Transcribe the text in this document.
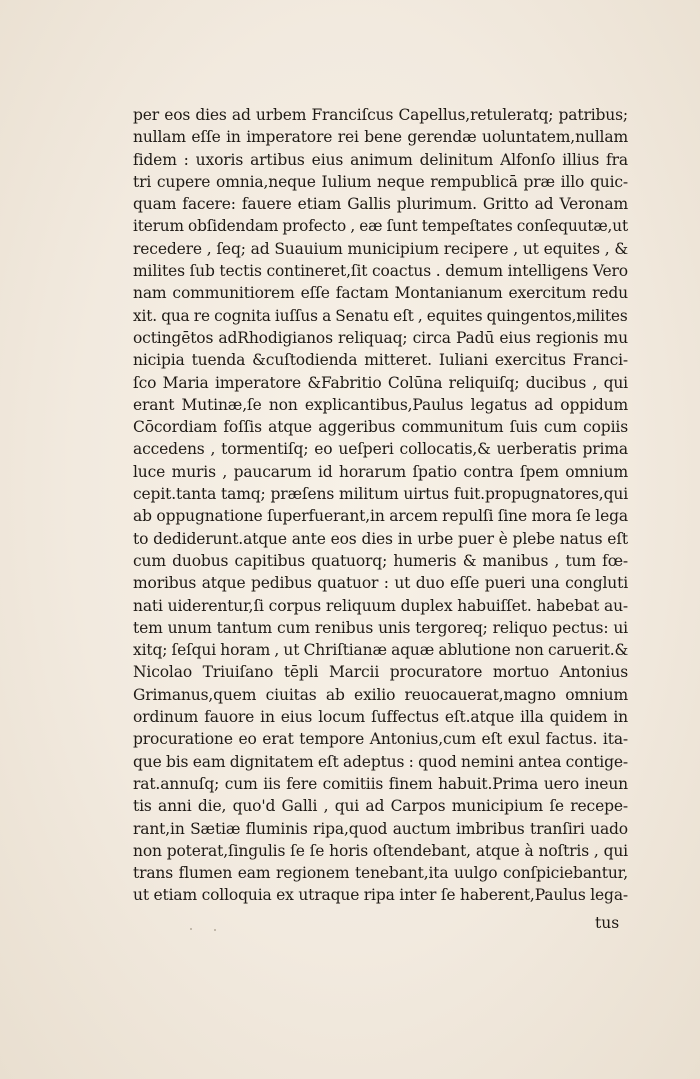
per eos dies ad urbem Franciſcus Capellus,retuleratq; patribus;
nullam eſſe in imperatore rei bene gerendæ uoluntatem,nullam
fidem : uxoris artibus eius animum delinitum Alfonſo illius fra
tri cupere omnia,neque Iulium neque rempublicā præ illo quic-
quam facere: fauere etiam Gallis plurimum. Gritto ad Veronam
iterum obſidendam profecto , eæ ſunt tempeſtates conſequutæ,ut
recedere , ſeq; ad Suauium municipium recipere , ut equites , &
milites ſub tectis contineret,ſit coactus . demum intelligens Vero
nam communitiorem eſſe factam Montanianum exercitum redu
xit. qua re cognita iuſſus a Senatu eſt , equites quingentos,milites
octingētos adRhodigianos reliquaq; circa Padū eius regionis mu
nicipia tuenda &cuſtodienda mitteret. Iuliani exercitus Franci-
ſco Maria imperatore &Fabritio Colūna reliquiſq; ducibus , qui
erant Mutinæ,ſe non explicantibus,Paulus legatus ad oppidum
Cōcordiam foſſis atque aggeribus communitum ſuis cum copiis
accedens , tormentiſq; eo ueſperi collocatis,& uerberatis prima
luce muris , paucarum id horarum ſpatio contra ſpem omnium
cepit.tanta tamq; præſens militum uirtus fuit.propugnatores,qui
ab oppugnatione ſuperfuerant,in arcem repulſi ſine mora ſe lega
to dediderunt.atque ante eos dies in urbe puer è plebe natus eſt
cum duobus capitibus quatuorq; humeris & manibus , tum fœ-
moribus atque pedibus quatuor : ut duo eſſe pueri una congluti
nati uiderentur,ſi corpus reliquum duplex habuiſſet. habebat au-
tem unum tantum cum renibus unis tergoreq; reliquo pectus: ui
xitq; ſeſqui horam , ut Chriſtianæ aquæ ablutione non caruerit.&
Nicolao Triuiſano tēpli Marcii procuratore mortuo Antonius
Grimanus,quem ciuitas ab exilio reuocauerat,magno omnium
ordinum fauore in eius locum ſuffectus eſt.atque illa quidem in
procuratione eo erat tempore Antonius,cum eſt exul factus. ita-
que bis eam dignitatem eſt adeptus : quod nemini antea contige-
rat.annuſq; cum iis fere comitiis finem habuit.Prima uero ineun
tis anni die, quo'd Galli , qui ad Carpos municipium ſe recepe-
rant,in Sætiæ fluminis ripa,quod auctum imbribus tranſiri uado
non poterat,ſingulis ſe ſe horis oſtendebant, atque à noſtris , qui
trans flumen eam regionem tenebant,ita uulgo conſpiciebantur,
ut etiam colloquia ex utraque ripa inter ſe haberent,Paulus lega-
tus
